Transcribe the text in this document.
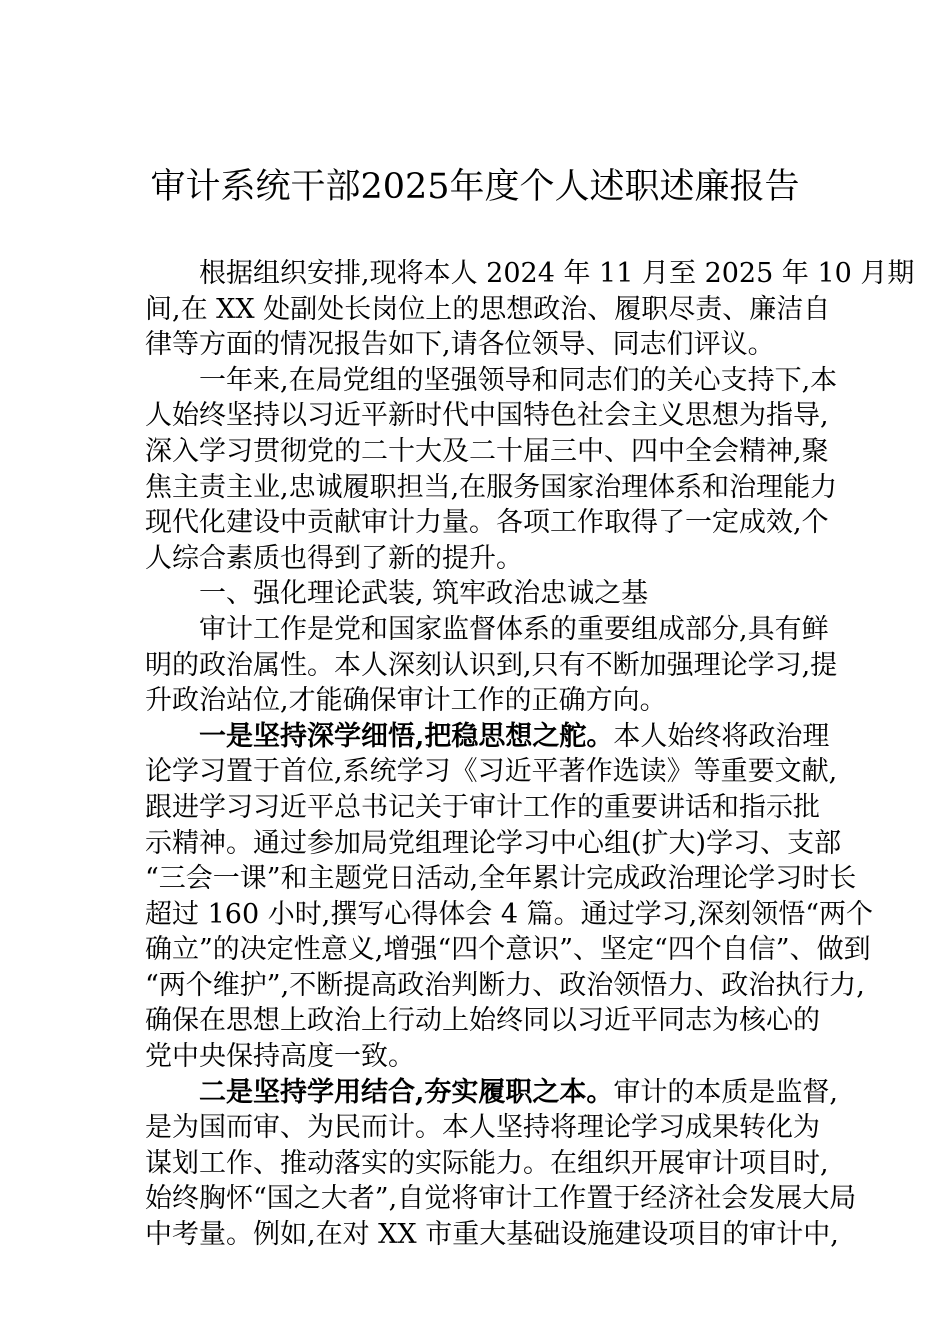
审计系统干部2025年度个人述职述廉报告
根据组织安排,现将本人 2024 年 11 月至 2025 年 10 月期
间,在 XX 处副处长岗位上的思想政治、履职尽责、廉洁自
律等方面的情况报告如下,请各位领导、同志们评议。
一年来,在局党组的坚强领导和同志们的关心支持下,本
人始终坚持以习近平新时代中国特色社会主义思想为指导,
深入学习贯彻党的二十大及二十届三中、四中全会精神,聚
焦主责主业,忠诚履职担当,在服务国家治理体系和治理能力
现代化建设中贡献审计力量。各项工作取得了一定成效,个
人综合素质也得到了新的提升。
一、强化理论武装, 筑牢政治忠诚之基
审计工作是党和国家监督体系的重要组成部分,具有鲜
明的政治属性。本人深刻认识到,只有不断加强理论学习,提
升政治站位,才能确保审计工作的正确方向。
一是坚持深学细悟,把稳思想之舵。本人始终将政治理
论学习置于首位,系统学习《习近平著作选读》等重要文献,
跟进学习习近平总书记关于审计工作的重要讲话和指示批
示精神。通过参加局党组理论学习中心组(扩大)学习、支部
“三会一课”和主题党日活动,全年累计完成政治理论学习时长
超过 160 小时,撰写心得体会 4 篇。通过学习,深刻领悟“两个
确立”的决定性意义,增强“四个意识”、坚定“四个自信”、做到
“两个维护”,不断提高政治判断力、政治领悟力、政治执行力,
确保在思想上政治上行动上始终同以习近平同志为核心的
党中央保持高度一致。
二是坚持学用结合,夯实履职之本。审计的本质是监督,
是为国而审、为民而计。本人坚持将理论学习成果转化为
谋划工作、推动落实的实际能力。在组织开展审计项目时,
始终胸怀“国之大者”,自觉将审计工作置于经济社会发展大局
中考量。例如,在对 XX 市重大基础设施建设项目的审计中,
